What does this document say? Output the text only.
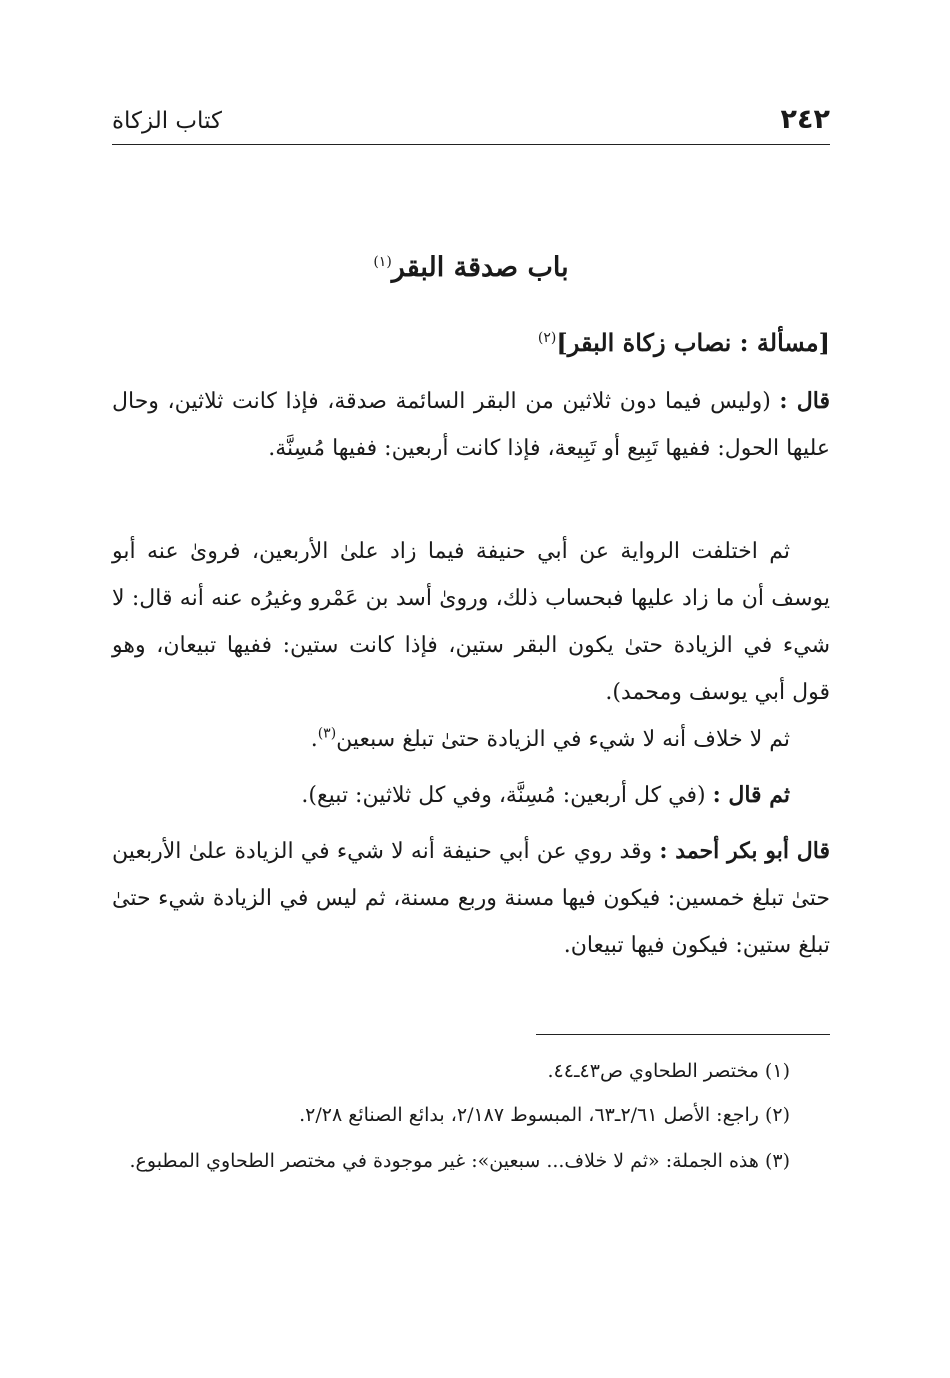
٢٤٢
كتاب الزكاة
باب صدقة البقر$^{(١)}$
[مسألة : نصاب زكاة البقر]$^{(٢)}$

قال : (وليس فيما دون ثلاثين من البقر السائمة صدقة، فإذا كانت ثلاثين، وحال عليها الحول: ففيها تَبِيع أو تَبِيعة، فإذا كانت أربعين: ففيها مُسِنَّة.

ثم اختلفت الرواية عن أبي حنيفة فيما زاد علىٰ الأربعين، فروىٰ عنه أبو يوسف أن ما زاد عليها فبحساب ذلك، وروىٰ أسد بن عَمْرو وغيرُه عنه أنه قال: لا شيء في الزيادة حتىٰ يكون البقر ستين، فإذا كانت ستين: ففيها تبيعان، وهو قول أبي يوسف ومحمد).

ثم لا خلاف أنه لا شيء في الزيادة حتىٰ تبلغ سبعين$^{(٣)}$.

ثم قال : (في كل أربعين: مُسِنَّة، وفي كل ثلاثين: تبيع).

قال أبو بكر أحمد : وقد روي عن أبي حنيفة أنه لا شيء في الزيادة علىٰ الأربعين حتىٰ تبلغ خمسين: فيكون فيها مسنة وربع مسنة، ثم ليس في الزيادة شيء حتىٰ تبلغ ستين: فيكون فيها تبيعان.

(١) مختصر الطحاوي ص٤٣ـ٤٤.

(٢) راجع: الأصل ٢/٦١ـ٦٣، المبسوط ٢/١٨٧، بدائع الصنائع ٢/٢٨.

(٣) هذه الجملة: «ثم لا خلاف... سبعين»: غير موجودة في مختصر الطحاوي المطبوع.
